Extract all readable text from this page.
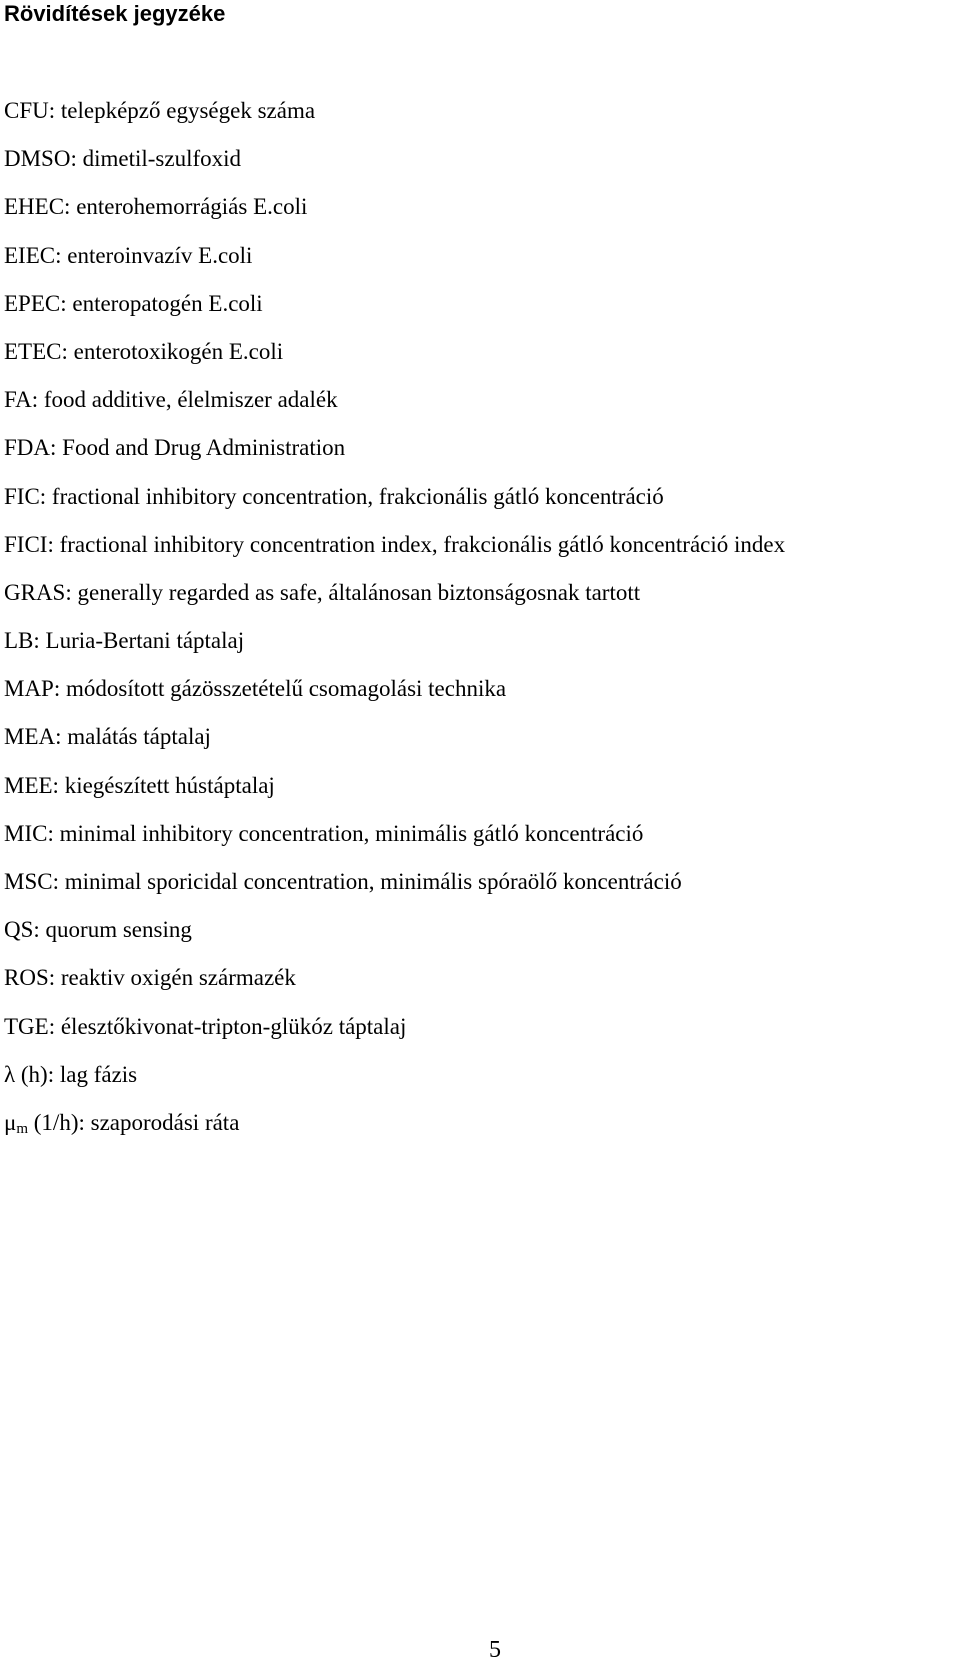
Rövidítések jegyzéke
CFU: telepképző egységek száma
DMSO: dimetil-szulfoxid
EHEC: enterohemorrágiás E.coli
EIEC: enteroinvazív E.coli
EPEC: enteropatogén E.coli
ETEC: enterotoxikogén E.coli
FA: food additive, élelmiszer adalék
FDA: Food and Drug Administration
FIC: fractional inhibitory concentration, frakcionális gátló koncentráció
FICI: fractional inhibitory concentration index, frakcionális gátló koncentráció index
GRAS: generally regarded as safe, általánosan biztonságosnak tartott
LB: Luria-Bertani táptalaj
MAP: módosított gázösszetételű csomagolási technika
MEA: malátás táptalaj
MEE: kiegészített hústáptalaj
MIC: minimal inhibitory concentration, minimális gátló koncentráció
MSC: minimal sporicidal concentration, minimális spóraölő koncentráció
QS: quorum sensing
ROS: reaktiv oxigén származék
TGE: élesztőkivonat-tripton-glükóz táptalaj
λ (h): lag fázis
$\mu_m$ (1/h): szaporodási ráta
5
